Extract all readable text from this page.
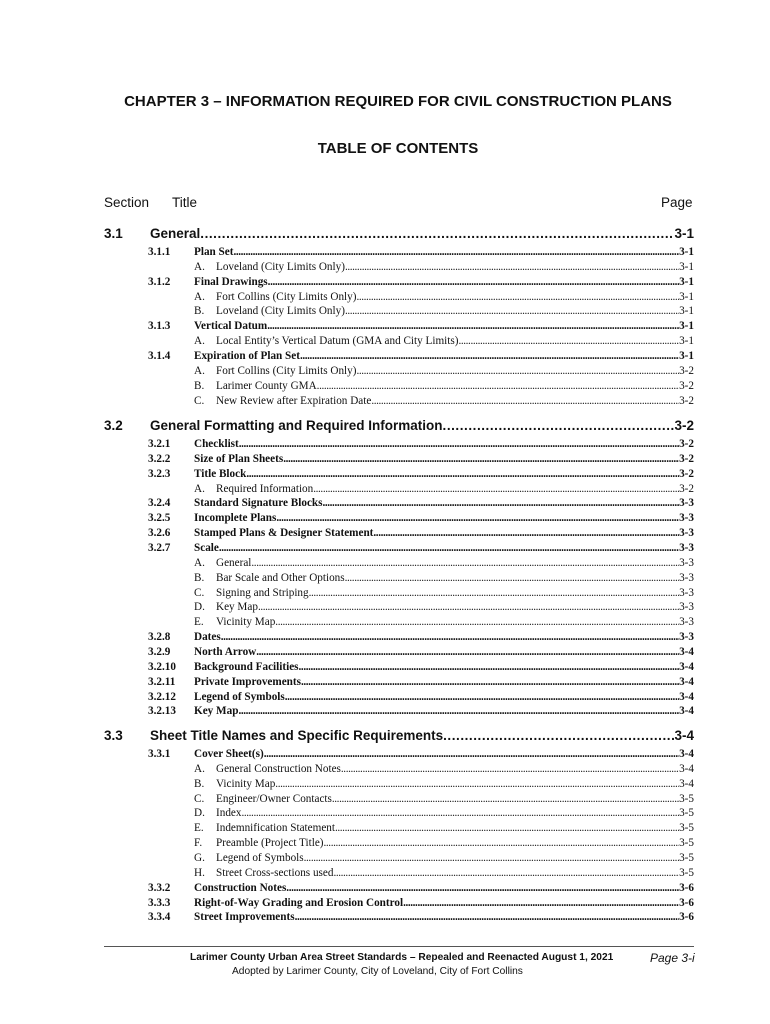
CHAPTER 3 – INFORMATION REQUIRED FOR CIVIL CONSTRUCTION PLANS
TABLE OF CONTENTS
Section Title	Page
3.1 General . . .	3-1
3.1.1	Plan Set . . .	3-1
A. Loveland (City Limits Only) . . .	3-1
3.1.2	Final Drawings . . .	3-1
A. Fort Collins (City Limits Only) . . .	3-1
B.	Loveland (City Limits Only) . . .	3-1
3.1.3	Vertical Datum . . .	3-1
A. Local Entity’s Vertical Datum (GMA and City Limits) . . .	3-1
3.1.4	Expiration of Plan Set . . .	3-1
A. Fort Collins (City Limits Only) . . .	3-2
B.	Larimer County GMA . . .	3-2
C.	New Review after Expiration Date . . .	3-2
3.2 General Formatting and Required Information . . .	3-2
3.2.1	Checklist . . .	3-2
3.2.2	Size of Plan Sheets . . .	3-2
3.2.3	Title Block . . .	3-2
A. Required Information . . .	3-2
3.2.4	Standard Signature Blocks . . .	3-3
3.2.5	Incomplete Plans . . .	3-3
3.2.6	Stamped Plans & Designer Statement . . .	3-3
3.2.7	Scale . . .	3-3
A. General . . .	3-3
B.	Bar Scale and Other Options . . .	3-3
C.	Signing and Striping . . .	3-3
D. Key Map . . .	3-3
E.	Vicinity Map . . .	3-3
3.2.8	Dates . . .	3-3
3.2.9	North Arrow . . .	3-4
3.2.10	Background Facilities . . .	3-4
3.2.11	Private Improvements . . .	3-4
3.2.12	Legend of Symbols . . .	3-4
3.2.13	Key Map . . .	3-4
3.3 Sheet Title Names and Specific Requirements . . .	3-4
3.3.1	Cover Sheet(s) . . .	3-4
A. General Construction Notes . . .	3-4
B.	Vicinity Map . . .	3-4
C.	Engineer/Owner Contacts . . .	3-5
D. Index . . .	3-5
E.	Indemnification Statement . . .	3-5
F.	Preamble (Project Title) . . .	3-5
G. Legend of Symbols . . .	3-5
H. Street Cross-sections used . . .	3-5
3.3.2	Construction Notes . . .	3-6
3.3.3	Right-of-Way Grading and Erosion Control . . .	3-6
3.3.4	Street Improvements . . .	3-6
Larimer County Urban Area Street Standards – Repealed and Reenacted August 1, 2021
Adopted by Larimer County, City of Loveland, City of Fort Collins
Page 3-i
